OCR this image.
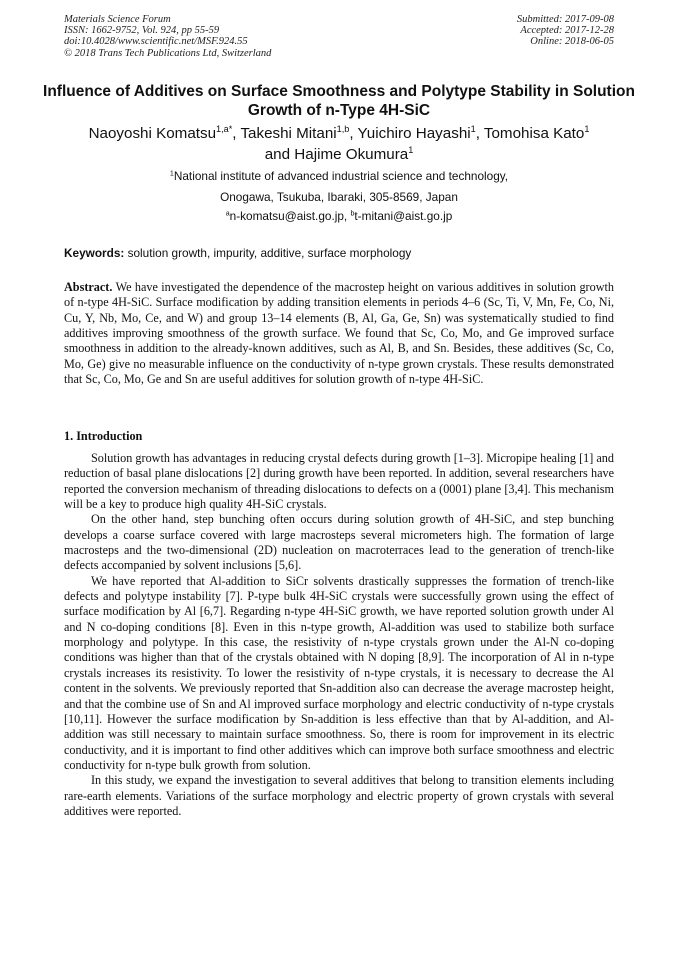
Materials Science Forum
ISSN: 1662-9752, Vol. 924, pp 55-59
doi:10.4028/www.scientific.net/MSF.924.55
© 2018 Trans Tech Publications Ltd, Switzerland
Submitted: 2017-09-08
Accepted: 2017-12-28
Online: 2018-06-05
Influence of Additives on Surface Smoothness and Polytype Stability in Solution Growth of n-Type 4H-SiC
Naoyoshi Komatsu$^{1,a*}$, Takeshi Mitani$^{1,b}$, Yuichiro Hayashi$^1$, Tomohisa Kato$^1$
and Hajime Okumura$^1$
$^1$National institute of advanced industrial science and technology,
Onogawa, Tsukuba, Ibaraki, 305-8569, Japan
$^a$n-komatsu@aist.go.jp, $^b$t-mitani@aist.go.jp
Keywords: solution growth, impurity, additive, surface morphology
Abstract. We have investigated the dependence of the macrostep height on various additives in solution growth of n-type 4H-SiC. Surface modification by adding transition elements in periods 4–6 (Sc, Ti, V, Mn, Fe, Co, Ni, Cu, Y, Nb, Mo, Ce, and W) and group 13–14 elements (B, Al, Ga, Ge, Sn) was systematically studied to find additives improving smoothness of the growth surface. We found that Sc, Co, Mo, and Ge improved surface smoothness in addition to the already-known additives, such as Al, B, and Sn. Besides, these additives (Sc, Co, Mo, Ge) give no measurable influence on the conductivity of n-type grown crystals. These results demonstrated that Sc, Co, Mo, Ge and Sn are useful additives for solution growth of n-type 4H-SiC.
1. Introduction

Solution growth has advantages in reducing crystal defects during growth [1–3]. Micropipe healing [1] and reduction of basal plane dislocations [2] during growth have been reported. In addition, several researchers have reported the conversion mechanism of threading dislocations to defects on a (0001) plane [3,4]. This mechanism will be a key to produce high quality 4H-SiC crystals.

On the other hand, step bunching often occurs during solution growth of 4H-SiC, and step bunching develops a coarse surface covered with large macrosteps several micrometers high. The formation of large macrosteps and the two-dimensional (2D) nucleation on macroterraces lead to the generation of trench-like defects accompanied by solvent inclusions [5,6].

We have reported that Al-addition to SiCr solvents drastically suppresses the formation of trench-like defects and polytype instability [7]. P-type bulk 4H-SiC crystals were successfully grown using the effect of surface modification by Al [6,7]. Regarding n-type 4H-SiC growth, we have reported solution growth under Al and N co-doping conditions [8]. Even in this n-type growth, Al-addition was used to stabilize both surface morphology and polytype. In this case, the resistivity of n-type crystals grown under the Al-N co-doping conditions was higher than that of the crystals obtained with N doping [8,9]. The incorporation of Al in n-type crystals increases its resistivity. To lower the resistivity of n-type crystals, it is necessary to decrease the Al content in the solvents. We previously reported that Sn-addition also can decrease the average macrostep height, and that the combine use of Sn and Al improved surface morphology and electric conductivity of n-type crystals [10,11]. However the surface modification by Sn-addition is less effective than that by Al-addition, and Al-addition was still necessary to maintain surface smoothness. So, there is room for improvement in its electric conductivity, and it is important to find other additives which can improve both surface smoothness and electric conductivity for n-type bulk growth from solution.

In this study, we expand the investigation to several additives that belong to transition elements including rare-earth elements. Variations of the surface morphology and electric property of grown crystals with several additives were reported.
